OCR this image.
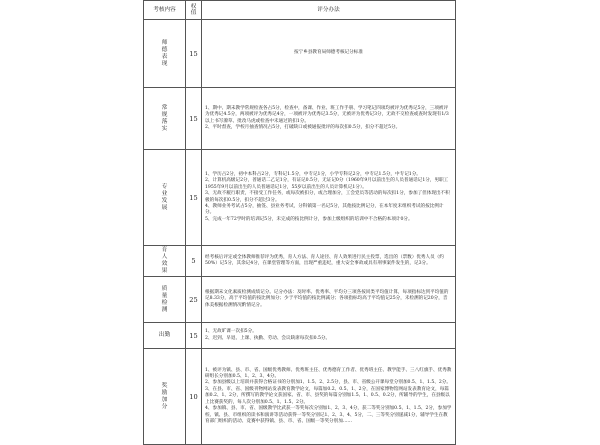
考核内容	权值	评分办法
师德表现	15	按宁乡县教育局师德考核记分标准

常规落实	15	1、期中、期末教学常规检查各占5分，检查中，备课、作业、班工作手册、学习笔记四项均被评为优秀记5分，三项被评为优秀记4.5分，两项被评为优秀记4分，一项被评为优秀记3.5分，无被评为优秀记3分，无故不交检查或查时发现有1/3以上书写潦草、批改马虎或检查中未通过的扣1分。

2、平时督查，学校月抽查情况占5分，打破缺口或被通报批评的每次扣0.5分，扣分不超过5分。

专业发展	15	1、学历占2分，初中本科占2分，专科记1.5分，中专记1分，小学专科记2分，中专记1.5分，中专记1分。

2、计算机高级记2分，普通话二乙记1分，有证记0.5分，无证记0分（1960年9月以前出生的人员普通话记1分，男职工1955年9月以前出生的人员普通话记1分，55岁以前出生的人员计算机记1分）。

3、无故不履行职责，不接受工作任务，或每次被扣分，或合理加分，工会党员等活动的每次扣1分，参加了但体现出不积极的每次扣0.5分，扣分不超过3分。

4、教师业务考试占5分，抽签、县业务考试，分科镇第一名记5分，其他按比例记分，在本年度未组织考试的按比例计分。

5、完成一年72学时的培训记5分，未完成的按比例计分，参加上级组织的培训中不合格的本项计0分。

育人效果	5	经考核后评定或全体教师推荐评为优秀，育人方法、育人途径、育人效果进行民主投票，选出的（票数）优秀人员（约50%）记5分，其余记4分，在课堂管理等方面，出现严重违纪，重大安全事故或具有刑事案件发生的，记3分。

质量检测	25	根据期末文化素质检测成绩记分。记分办法：及时率、优秀率、平均分三项各按同类平均值计算，每项指标达到平均值的记8.33分，高于平均值的按比例加分；少于平均值的按比例减分；各项指标均高于平均值记25分，未检测的记20分，音体美根据检测情况酌情记分。

出勤	15	1、无故旷课一次扣5分。

2、迟到、早退、上课、执勤、劳动、会议缺席每次扣0.5分。

奖励加分	10	1、被评为镇、县、市、省、国级优秀教师、优秀班主任、优秀德育工作者、优秀班主任、教学能手、三八红旗手、优秀教研组长分别加0.5、1、2、3、4分。

2、参加县级以上培训并获得合格证书的分别加1、1.5、2、2.5分，县、市、省级公开课每堂分别加0.5、1、1.5、2分。

3、在县、市、省、国级刊物网站发表教育教学论文，每篇加0.2、0.5、1、2分，在国家博物馆网站发表教育论文，每篇加0.2、1、2分，所撰写的教学论文获国家、省、市、县奖的每篇分别加1.5、1、0.5、0.2分，所辅导的学生，在县级以上比赛获奖的，每人次分别加0.5、1、1.5、2分。

4、参加镇、县、市、省、国级教学比武获一等奖每次分别加1、2、3、4分，获二等奖分别加0.5、1、1.5、2分，参加学校、镇、县、市组织的读书和演讲等活动获得一等奖分别记1、2、3、4、5分，二、三等奖分别递减1分，辅导学生在教育部门组织的活动、竞赛中获得镇、县、市、省、国级一等奖分别加……
